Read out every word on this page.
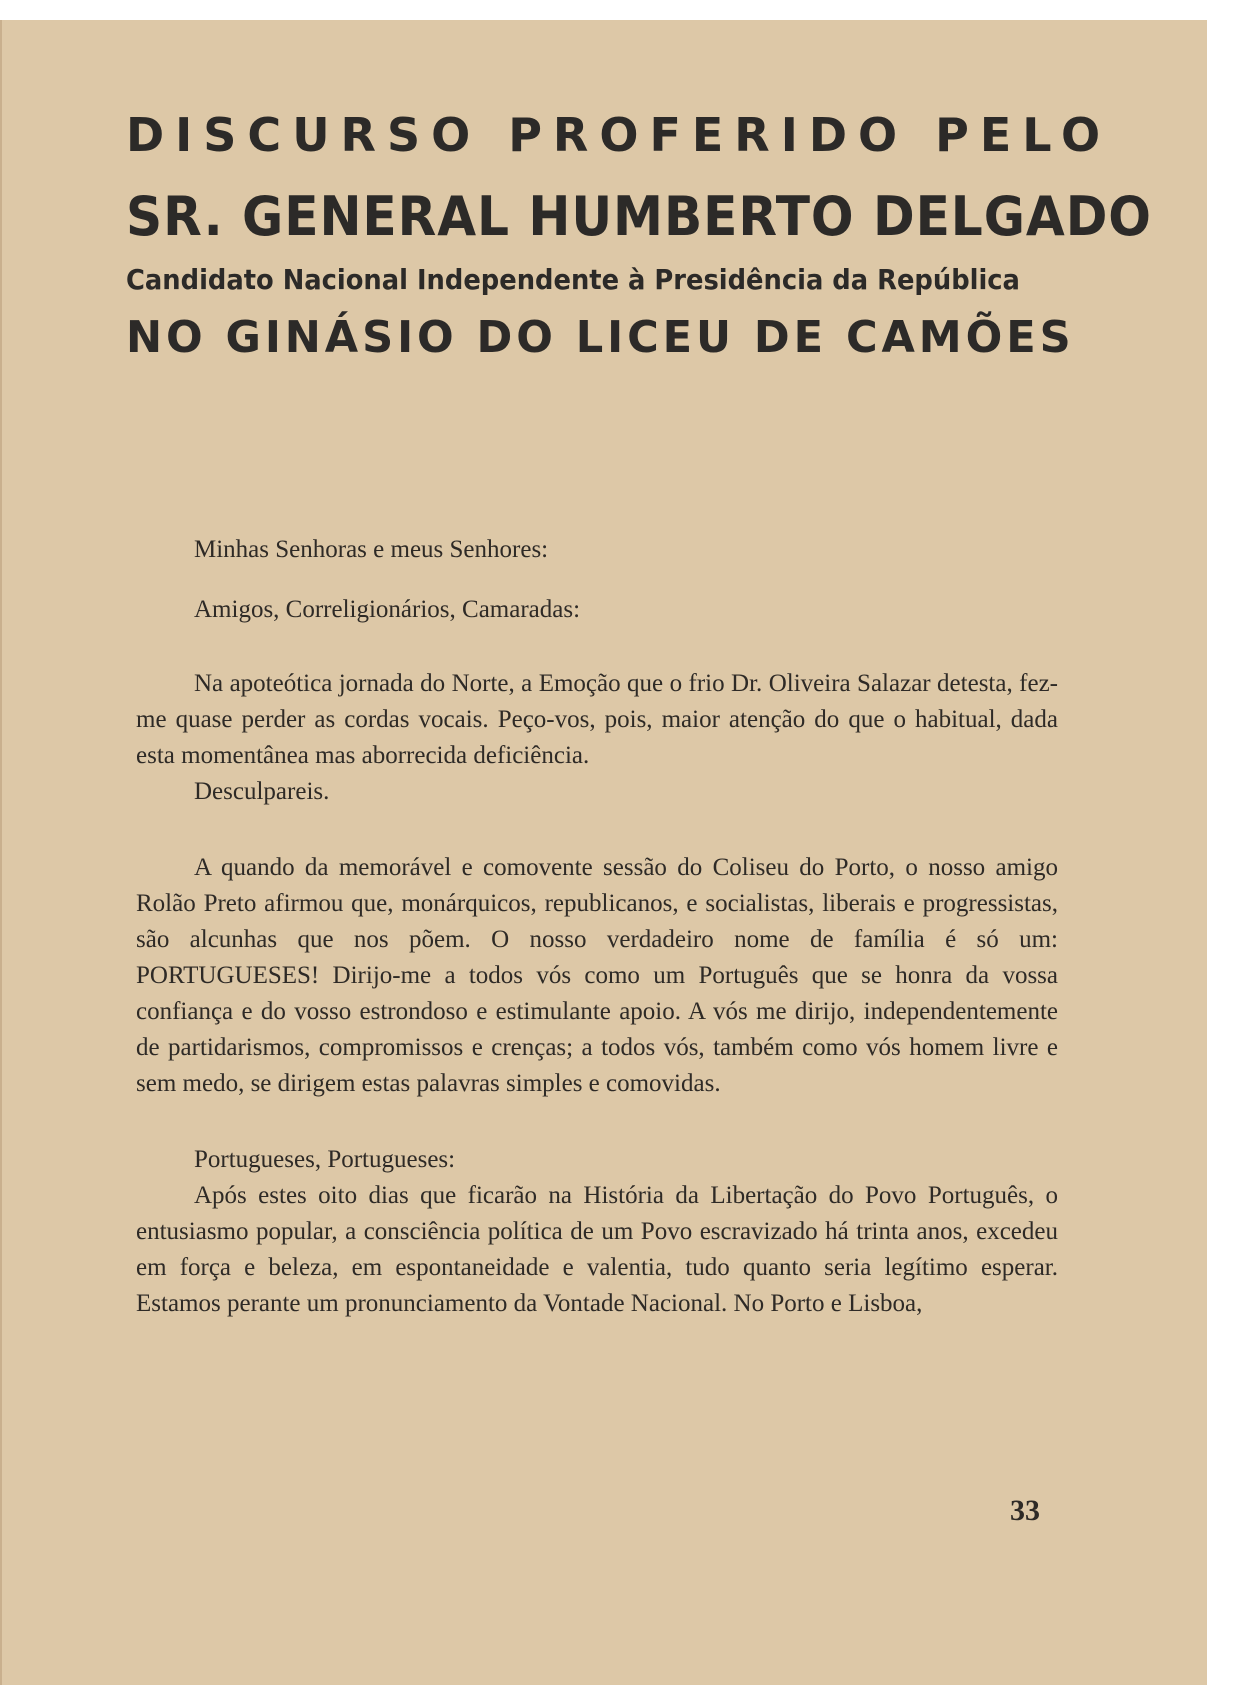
DISCURSO PROFERIDO PELO
SR. GENERAL HUMBERTO DELGADO
Candidato Nacional Independente à Presidência da República
NO GINÁSIO DO LICEU DE CAMÕES

Minhas Senhoras e meus Senhores:

Amigos, Correligionários, Camaradas:

Na apoteótica jornada do Norte, a Emoção que o frio Dr. Oliveira Salazar detesta, fez-me quase perder as cordas vocais. Peço-vos, pois, maior atenção do que o habitual, dada esta momentânea mas aborrecida deficiência.

Desculpareis.

A quando da memorável e comovente sessão do Coliseu do Porto, o nosso amigo Rolão Preto afirmou que, monárquicos, republicanos, e socialistas, liberais e progressistas, são alcunhas que nos põem. O nosso verdadeiro nome de família é só um: PORTUGUESES! Dirijo-me a todos vós como um Português que se honra da vossa confiança e do vosso estrondoso e estimulante apoio. A vós me dirijo, independentemente de partidarismos, compromissos e crenças; a todos vós, também como vós homem livre e sem medo, se dirigem estas palavras simples e comovidas.

Portugueses, Portugueses:

Após estes oito dias que ficarão na História da Libertação do Povo Português, o entusiasmo popular, a consciência política de um Povo escravizado há trinta anos, excedeu em força e beleza, em espontaneidade e valentia, tudo quanto seria legítimo esperar. Estamos perante um pronunciamento da Vontade Nacional. No Porto e Lisboa,

33
